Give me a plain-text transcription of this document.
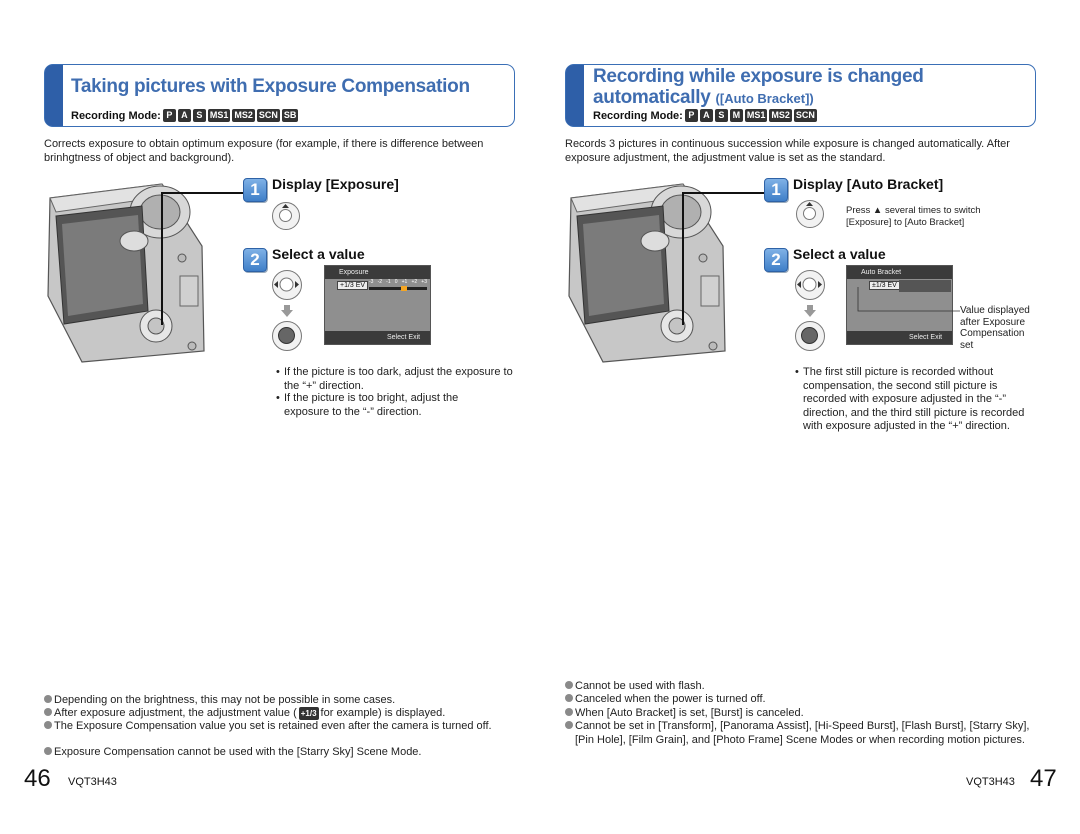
Taking pictures with Exposure Compensation
Recording Mode: P A S MS1 MS2 SCN SB
Corrects exposure to obtain optimum exposure (for example, if there is difference between brinhgtness of object and background).
1 Display [Exposure]
2 Select a value
Exposure
+1/3 EV -3 -2 -1 0 +1 +2 +3
Select Exit
• If the picture is too dark, adjust the exposure to the “+” direction.
• If the picture is too bright, adjust the exposure to the “-” direction.
Depending on the brightness, this may not be possible in some cases.
After exposure adjustment, the adjustment value ( +1/3 for example) is displayed.
The Exposure Compensation value you set is retained even after the camera is turned off.
Exposure Compensation cannot be used with the [Starry Sky] Scene Mode.
46 VQT3H43
Recording while exposure is changed
automatically ([Auto Bracket])
Recording Mode: P A S M MS1 MS2 SCN
Records 3 pictures in continuous succession while exposure is changed automatically. After exposure adjustment, the adjustment value is set as the standard.
1 Display [Auto Bracket]
Press ▲ several times to switch [Exposure] to [Auto Bracket]
2 Select a value
Auto Bracket
±1/3 EV
Select Exit
Value displayed after Exposure Compensation set
• The first still picture is recorded without compensation, the second still picture is recorded with exposure adjusted in the “-” direction, and the third still picture is recorded with exposure adjusted in the “+” direction.
Cannot be used with flash.
Canceled when the power is turned off.
When [Auto Bracket] is set, [Burst] is canceled.
Cannot be set in [Transform], [Panorama Assist], [Hi-Speed Burst], [Flash Burst], [Starry Sky], [Pin Hole], [Film Grain], and [Photo Frame] Scene Modes or when recording motion pictures.
VQT3H43 47
